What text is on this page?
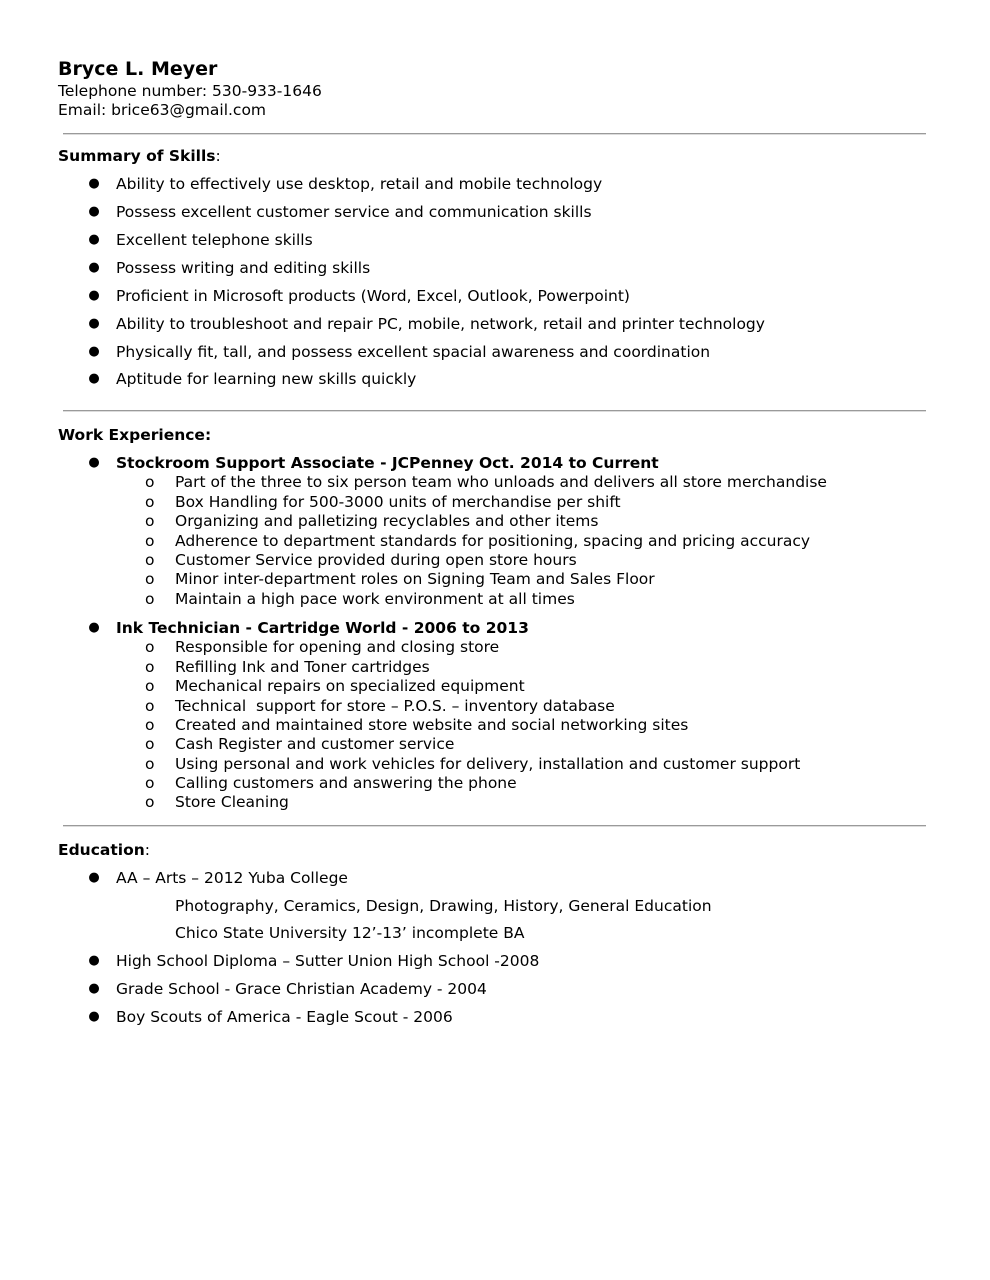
Bryce L. Meyer
Telephone number: 530-933-1646
Email: brice63@gmail.com
Summary of Skills:
● Ability to effectively use desktop, retail and mobile technology
● Possess excellent customer service and communication skills
● Excellent telephone skills
● Possess writing and editing skills
● Proficient in Microsoft products (Word, Excel, Outlook, Powerpoint)
● Ability to troubleshoot and repair PC, mobile, network, retail and printer technology
● Physically fit, tall, and possess excellent spacial awareness and coordination
● Aptitude for learning new skills quickly
Work Experience:
● Stockroom Support Associate - JCPenney Oct. 2014 to Current
o Part of the three to six person team who unloads and delivers all store merchandise
o Box Handling for 500-3000 units of merchandise per shift
o Organizing and palletizing recyclables and other items
o Adherence to department standards for positioning, spacing and pricing accuracy
o Customer Service provided during open store hours
o Minor inter-department roles on Signing Team and Sales Floor
o Maintain a high pace work environment at all times
● Ink Technician - Cartridge World - 2006 to 2013
o Responsible for opening and closing store
o Refilling Ink and Toner cartridges
o Mechanical repairs on specialized equipment
o Technical  support for store – P.O.S. – inventory database
o Created and maintained store website and social networking sites
o Cash Register and customer service
o Using personal and work vehicles for delivery, installation and customer support
o Calling customers and answering the phone
o Store Cleaning
Education:
● AA – Arts – 2012 Yuba College
Photography, Ceramics, Design, Drawing, History, General Education
Chico State University 12’-13’ incomplete BA
● High School Diploma – Sutter Union High School -2008
● Grade School - Grace Christian Academy - 2004
● Boy Scouts of America - Eagle Scout - 2006
